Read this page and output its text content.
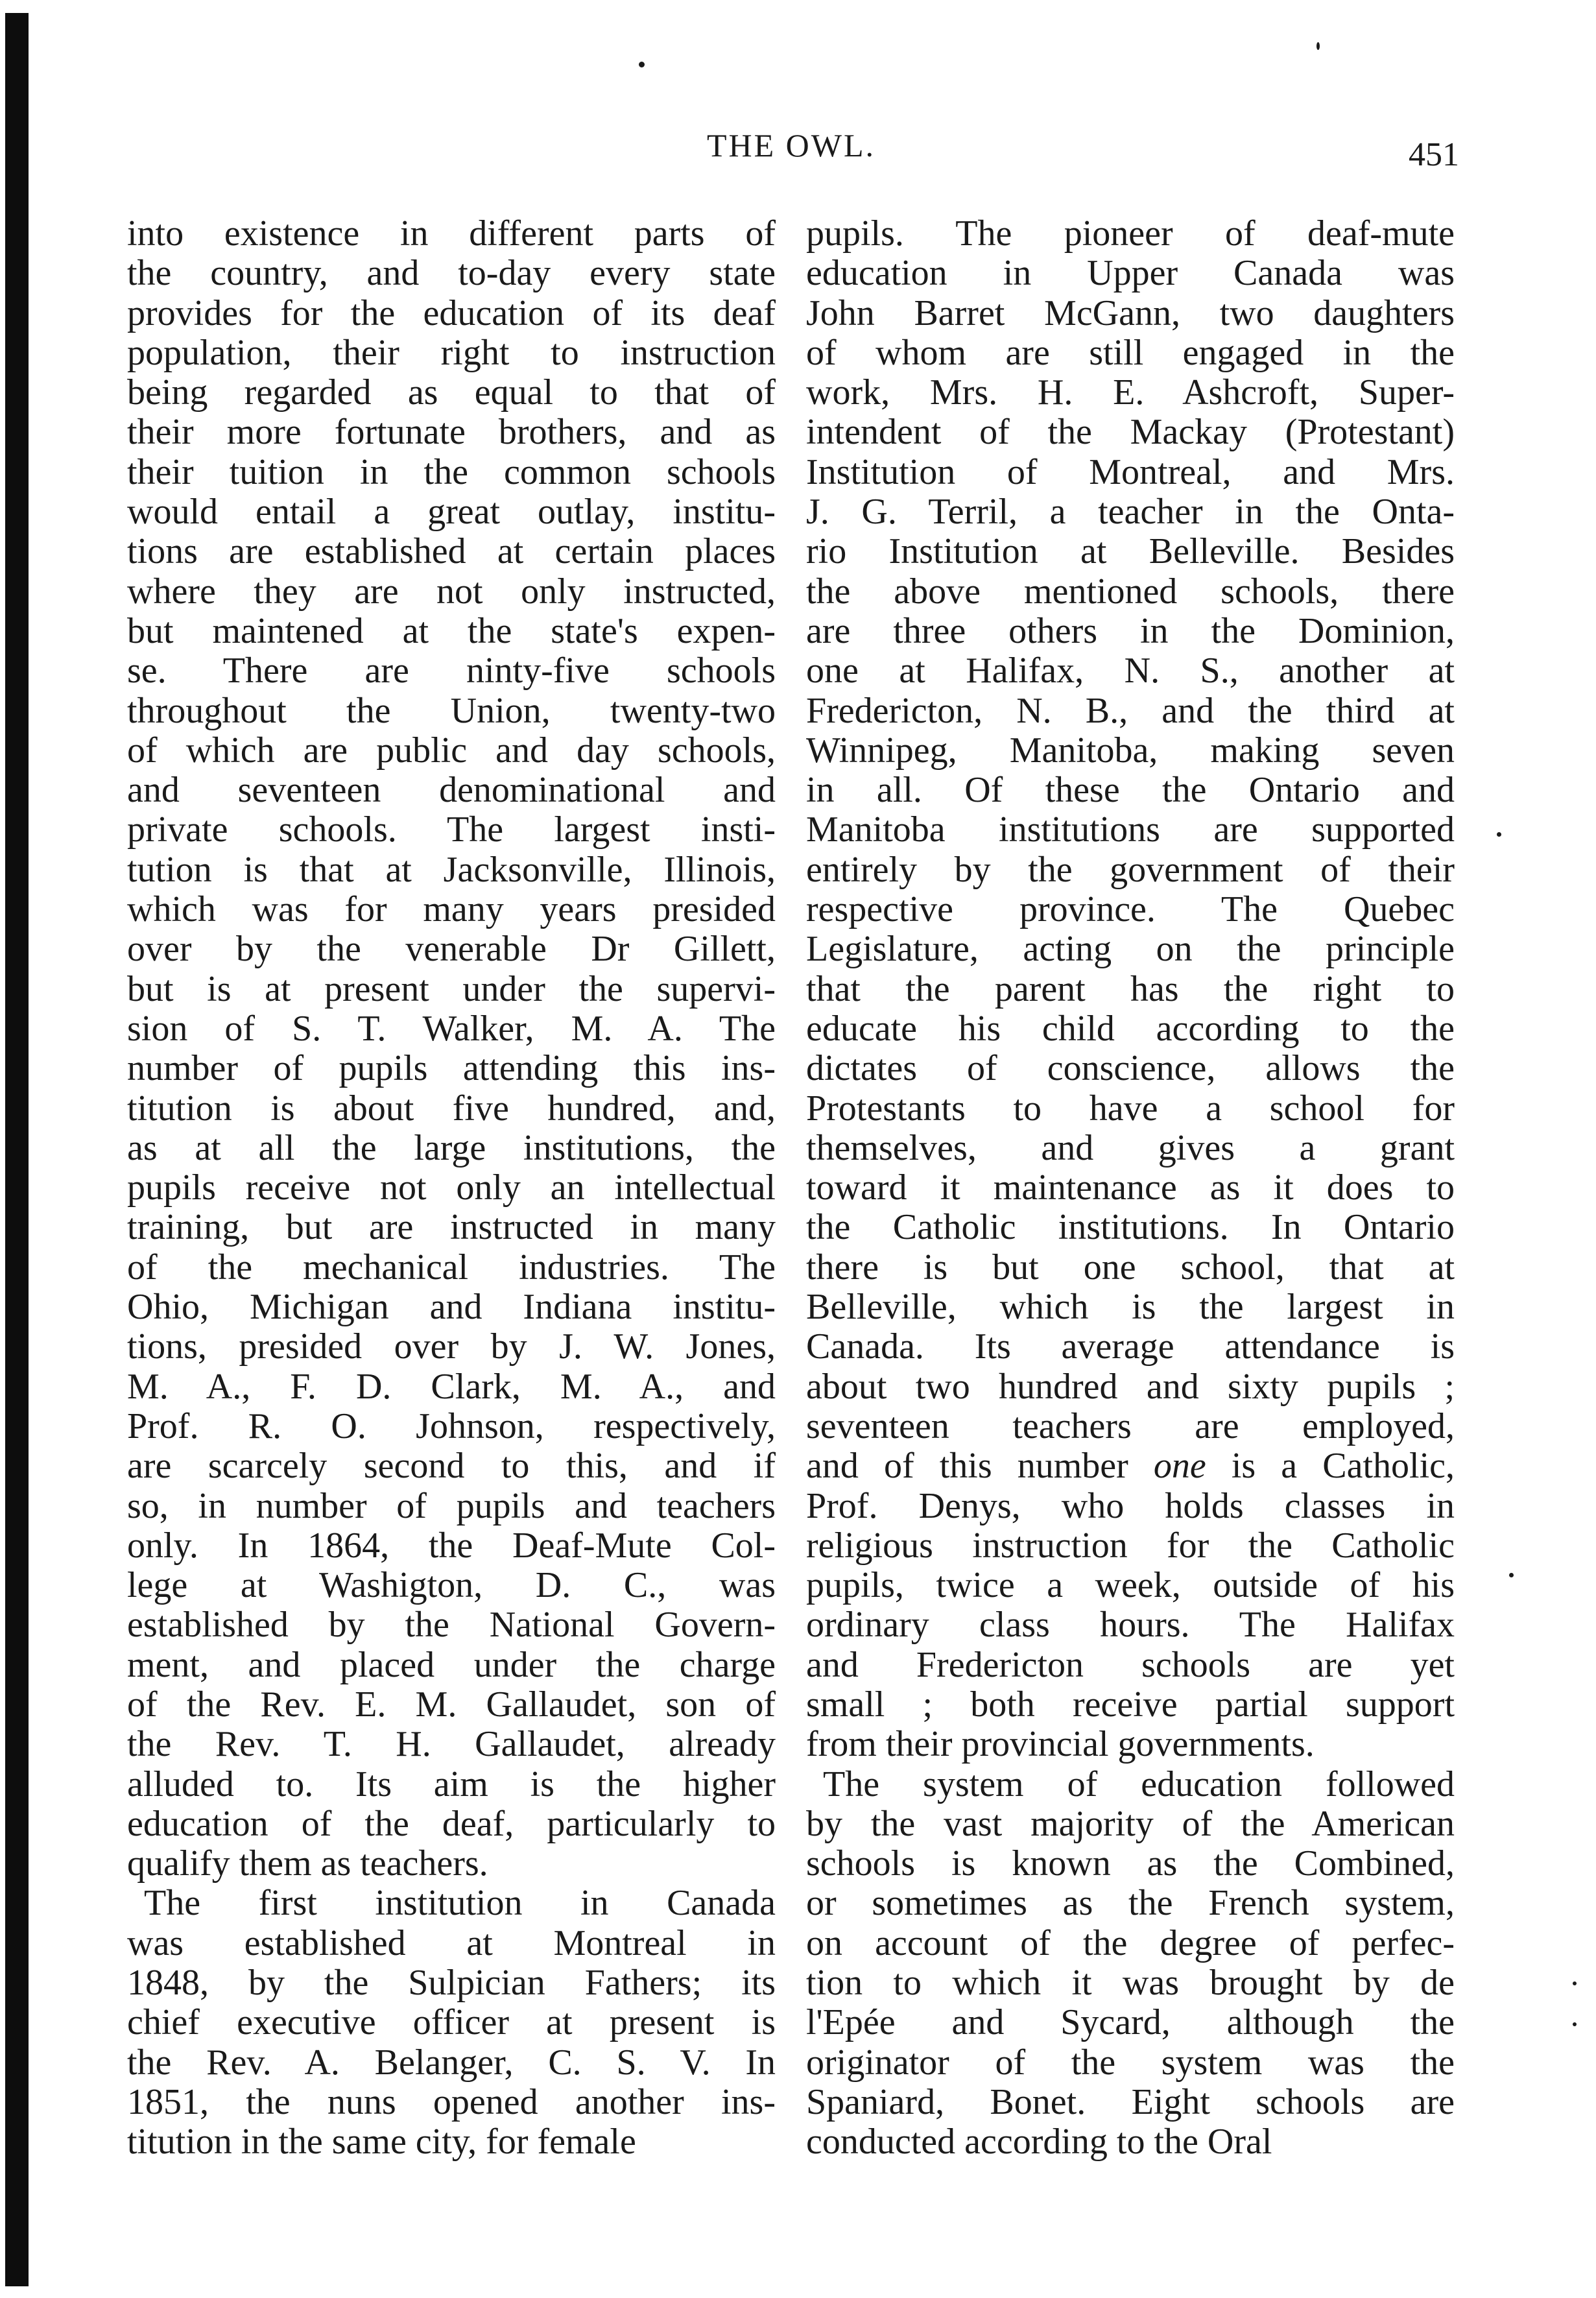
THE OWL.	451
into existence in different parts of
the country, and to-day every state
provides for the education of its deaf
population, their right to instruction
being regarded as equal to that of
their more fortunate brothers, and as
their tuition in the common schools
would entail a great outlay, institu-
tions are established at certain places
where they are not only instructed,
but maintened at the state's expen-
se. There are ninty-five schools
throughout the Union, twenty-two
of which are public and day schools,
and seventeen denominational and
private schools. The largest insti-
tution is that at Jacksonville, Illinois,
which was for many years presided
over by the venerable Dr Gillett,
but is at present under the supervi-
sion of S. T. Walker, M. A. The
number of pupils attending this ins-
titution is about five hundred, and,
as at all the large institutions, the
pupils receive not only an intellectual
training, but are instructed in many
of the mechanical industries. The
Ohio, Michigan and Indiana institu-
tions, presided over by J. W. Jones,
M. A., F. D. Clark, M. A., and
Prof. R. O. Johnson, respectively,
are scarcely second to this, and if
so, in number of pupils and teachers
only. In 1864, the Deaf-Mute Col-
lege at Washigton, D. C., was
established by the National Govern-
ment, and placed under the charge
of the Rev. E. M. Gallaudet, son of
the Rev. T. H. Gallaudet, already
alluded to. Its aim is the higher
education of the deaf, particularly to
qualify them as teachers.
The first institution in Canada
was established at Montreal in
1848, by the Sulpician Fathers; its
chief executive officer at present is
the Rev. A. Belanger, C. S. V. In
1851, the nuns opened another ins-
titution in the same city, for female
pupils. The pioneer of deaf-mute
education in Upper Canada was
John Barret McGann, two daughters
of whom are still engaged in the
work, Mrs. H. E. Ashcroft, Super-
intendent of the Mackay (Protestant)
Institution of Montreal, and Mrs.
J. G. Terril, a teacher in the Onta-
rio Institution at Belleville. Besides
the above mentioned schools, there
are three others in the Dominion,
one at Halifax, N. S., another at
Fredericton, N. B., and the third at
Winnipeg, Manitoba, making seven
in all. Of these the Ontario and
Manitoba institutions are supported
entirely by the government of their
respective province. The Quebec
Legislature, acting on the principle
that the parent has the right to
educate his child according to the
dictates of conscience, allows the
Protestants to have a school for
themselves, and gives a grant
toward it maintenance as it does to
the Catholic institutions. In Ontario
there is but one school, that at
Belleville, which is the largest in
Canada. Its average attendance is
about two hundred and sixty pupils ;
seventeen teachers are employed,
and of this number one is a Catholic,
Prof. Denys, who holds classes in
religious instruction for the Catholic
pupils, twice a week, outside of his
ordinary class hours. The Halifax
and Fredericton schools are yet
small ; both receive partial support
from their provincial governments.
The system of education followed
by the vast majority of the American
schools is known as the Combined,
or sometimes as the French system,
on account of the degree of perfec-
tion to which it was brought by de
l'Epée and Sycard, although the
originator of the system was the
Spaniard, Bonet. Eight schools are
conducted according to the Oral
